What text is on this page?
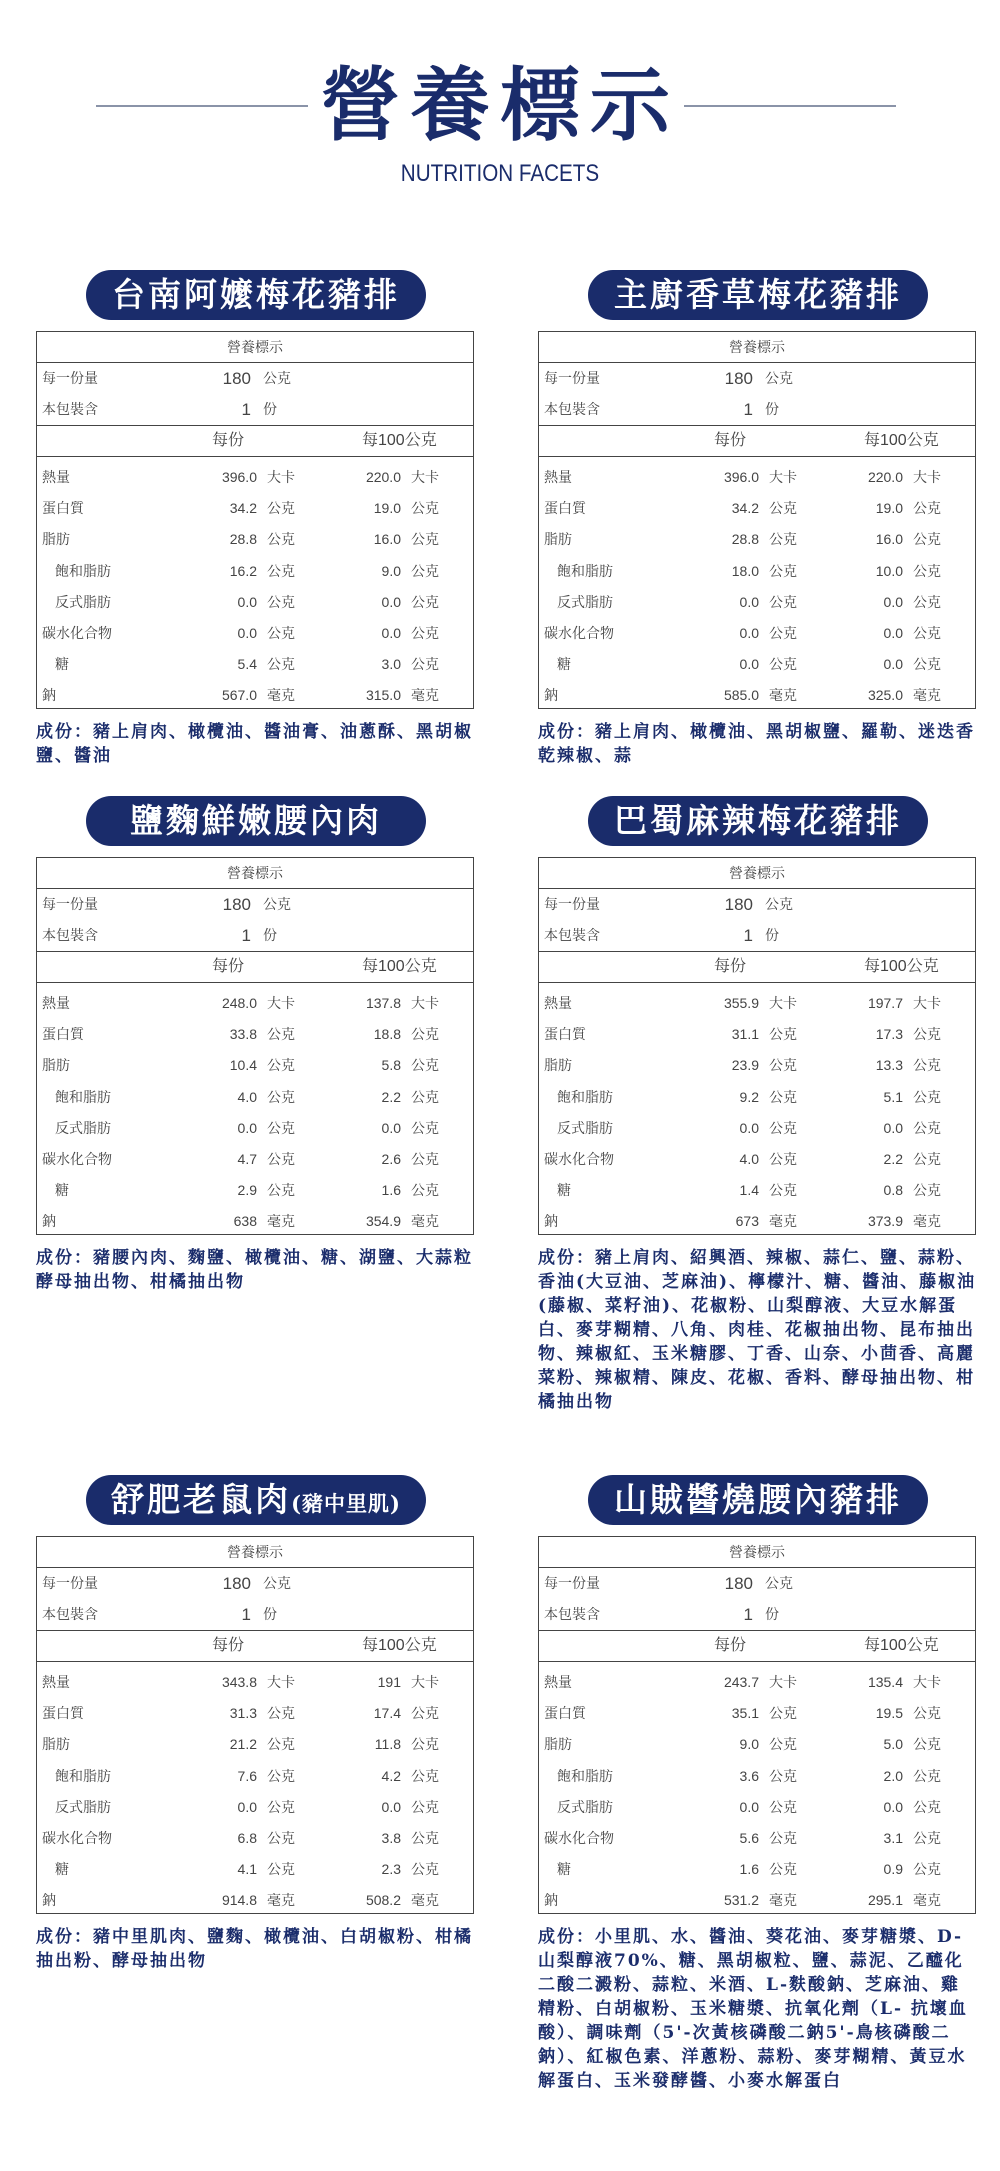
營養標示
NUTRITION FACETS
台南阿嬤梅花豬排
營養標示
每一份量	180 公克
本包裝含	1 份
每份	每100公克
熱量	396.0 大卡	220.0 大卡
蛋白質	34.2 公克	19.0 公克
脂肪	28.8 公克	16.0 公克
飽和脂肪	16.2 公克	9.0 公克
反式脂肪	0.0 公克	0.0 公克
碳水化合物	0.0 公克	0.0 公克
糖	5.4 公克	3.0 公克
鈉	567.0 毫克	315.0 毫克
成份：豬上肩肉、橄欖油、醬油膏、油蔥酥、黑胡椒鹽、醬油
主廚香草梅花豬排
營養標示
每一份量	180 公克
本包裝含	1 份
每份	每100公克
熱量	396.0 大卡	220.0 大卡
蛋白質	34.2 公克	19.0 公克
脂肪	28.8 公克	16.0 公克
飽和脂肪	18.0 公克	10.0 公克
反式脂肪	0.0 公克	0.0 公克
碳水化合物	0.0 公克	0.0 公克
糖	0.0 公克	0.0 公克
鈉	585.0 毫克	325.0 毫克
成份：豬上肩肉、橄欖油、黑胡椒鹽、羅勒、迷迭香乾辣椒、蒜
鹽麴鮮嫩腰內肉
營養標示
每一份量	180 公克
本包裝含	1 份
每份	每100公克
熱量	248.0 大卡	137.8 大卡
蛋白質	33.8 公克	18.8 公克
脂肪	10.4 公克	5.8 公克
飽和脂肪	4.0 公克	2.2 公克
反式脂肪	0.0 公克	0.0 公克
碳水化合物	4.7 公克	2.6 公克
糖	2.9 公克	1.6 公克
鈉	638 毫克	354.9 毫克
成份：豬腰內肉、麴鹽、橄欖油、糖、湖鹽、大蒜粒酵母抽出物、柑橘抽出物
巴蜀麻辣梅花豬排
營養標示
每一份量	180 公克
本包裝含	1 份
每份	每100公克
熱量	355.9 大卡	197.7 大卡
蛋白質	31.1 公克	17.3 公克
脂肪	23.9 公克	13.3 公克
飽和脂肪	9.2 公克	5.1 公克
反式脂肪	0.0 公克	0.0 公克
碳水化合物	4.0 公克	2.2 公克
糖	1.4 公克	0.8 公克
鈉	673 毫克	373.9 毫克
成份：豬上肩肉、紹興酒、辣椒、蒜仁、鹽、蒜粉、香油(大豆油、芝麻油)、檸檬汁、糖、醬油、藤椒油(藤椒、菜籽油)、花椒粉、山梨醇液、大豆水解蛋白、麥芽糊精、八角、肉桂、花椒抽出物、昆布抽出物、辣椒紅、玉米糖膠、丁香、山奈、小茴香、高麗菜粉、辣椒精、陳皮、花椒、香料、酵母抽出物、柑橘抽出物
舒肥老鼠肉(豬中里肌)
營養標示
每一份量	180 公克
本包裝含	1 份
每份	每100公克
熱量	343.8 大卡	191 大卡
蛋白質	31.3 公克	17.4 公克
脂肪	21.2 公克	11.8 公克
飽和脂肪	7.6 公克	4.2 公克
反式脂肪	0.0 公克	0.0 公克
碳水化合物	6.8 公克	3.8 公克
糖	4.1 公克	2.3 公克
鈉	914.8 毫克	508.2 毫克
成份：豬中里肌肉、鹽麴、橄欖油、白胡椒粉、柑橘抽出粉、酵母抽出物
山賊醬燒腰內豬排
營養標示
每一份量	180 公克
本包裝含	1 份
每份	每100公克
熱量	243.7 大卡	135.4 大卡
蛋白質	35.1 公克	19.5 公克
脂肪	9.0 公克	5.0 公克
飽和脂肪	3.6 公克	2.0 公克
反式脂肪	0.0 公克	0.0 公克
碳水化合物	5.6 公克	3.1 公克
糖	1.6 公克	0.9 公克
鈉	531.2 毫克	295.1 毫克
成份：小里肌、水、醬油、葵花油、麥芽糖漿、D-山梨醇液70%、糖、黑胡椒粒、鹽、蒜泥、乙醯化二酸二澱粉、蒜粒、米酒、L-麩酸鈉、芝麻油、雞精粉、白胡椒粉、玉米糖漿、抗氧化劑（L- 抗壞血酸）、調味劑（5'-次黃核磷酸二鈉5'-鳥核磷酸二鈉）、紅椒色素、洋蔥粉、蒜粉、麥芽糊精、黃豆水解蛋白、玉米發酵醬、小麥水解蛋白
